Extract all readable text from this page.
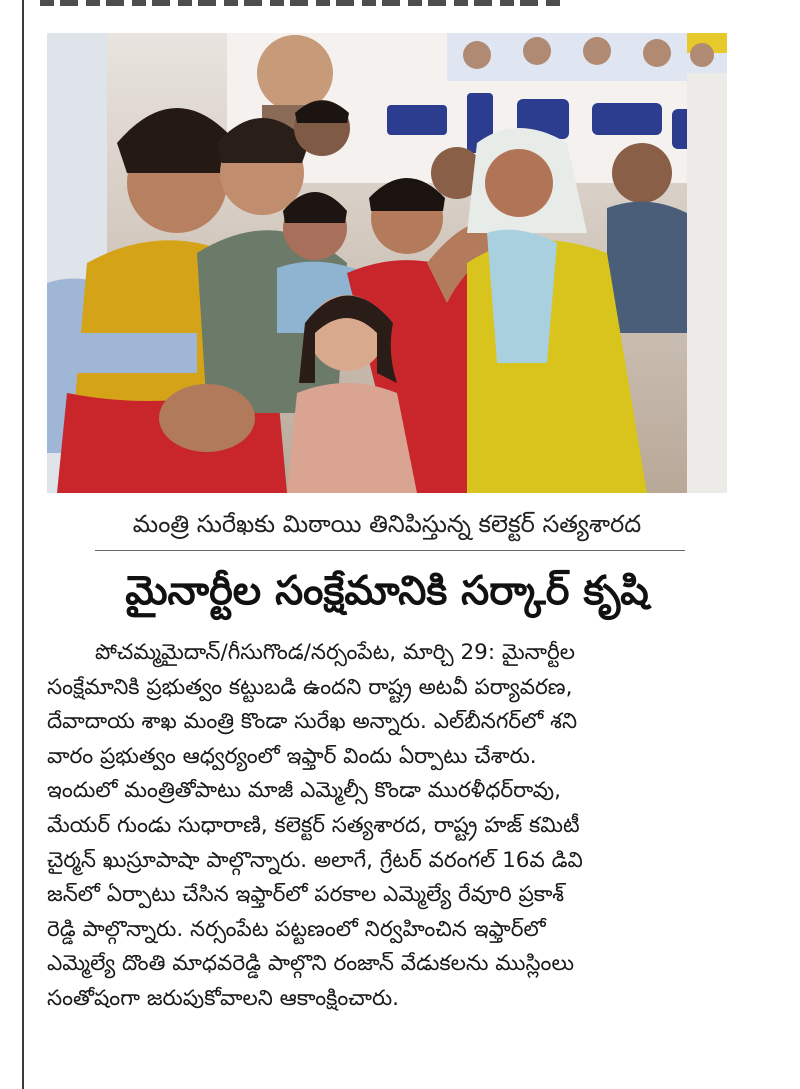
మంత్రి సురేఖకు మిఠాయి తినిపిస్తున్న కలెక్టర్ సత్యశారద
మైనార్టీల సంక్షేమానికి సర్కార్ కృషి
పోచమ్మమైదాన్/గీసుగొండ/నర్సంపేట, మార్చి 29: మైనార్టీల
సంక్షేమానికి ప్రభుత్వం కట్టుబడి ఉందని రాష్ట్ర అటవీ పర్యావరణ,
దేవాదాయ శాఖ మంత్రి కొండా సురేఖ అన్నారు. ఎల్‌బీనగర్‌లో శని
వారం ప్రభుత్వం ఆధ్వర్యంలో ఇఫ్తార్ విందు ఏర్పాటు చేశారు.
ఇందులో మంత్రితోపాటు మాజీ ఎమ్మెల్సీ కొండా మురళీధర్‌రావు,
మేయర్ గుండు సుధారాణి, కలెక్టర్ సత్యశారద, రాష్ట్ర హజ్ కమిటీ
చైర్మన్ ఖుస్రూపాషా పాల్గొన్నారు. అలాగే, గ్రేటర్ వరంగల్ 16వ డివి
జన్‌లో ఏర్పాటు చేసిన ఇఫ్తార్‌లో పరకాల ఎమ్మెల్యే రేవూరి ప్రకాశ్
రెడ్డి పాల్గొన్నారు. నర్సంపేట పట్టణంలో నిర్వహించిన ఇఫ్తార్‌లో
ఎమ్మెల్యే దొంతి మాధవరెడ్డి పాల్గొని రంజాన్ వేడుకలను ముస్లింలు
సంతోషంగా జరుపుకోవాలని ఆకాంక్షించారు.
